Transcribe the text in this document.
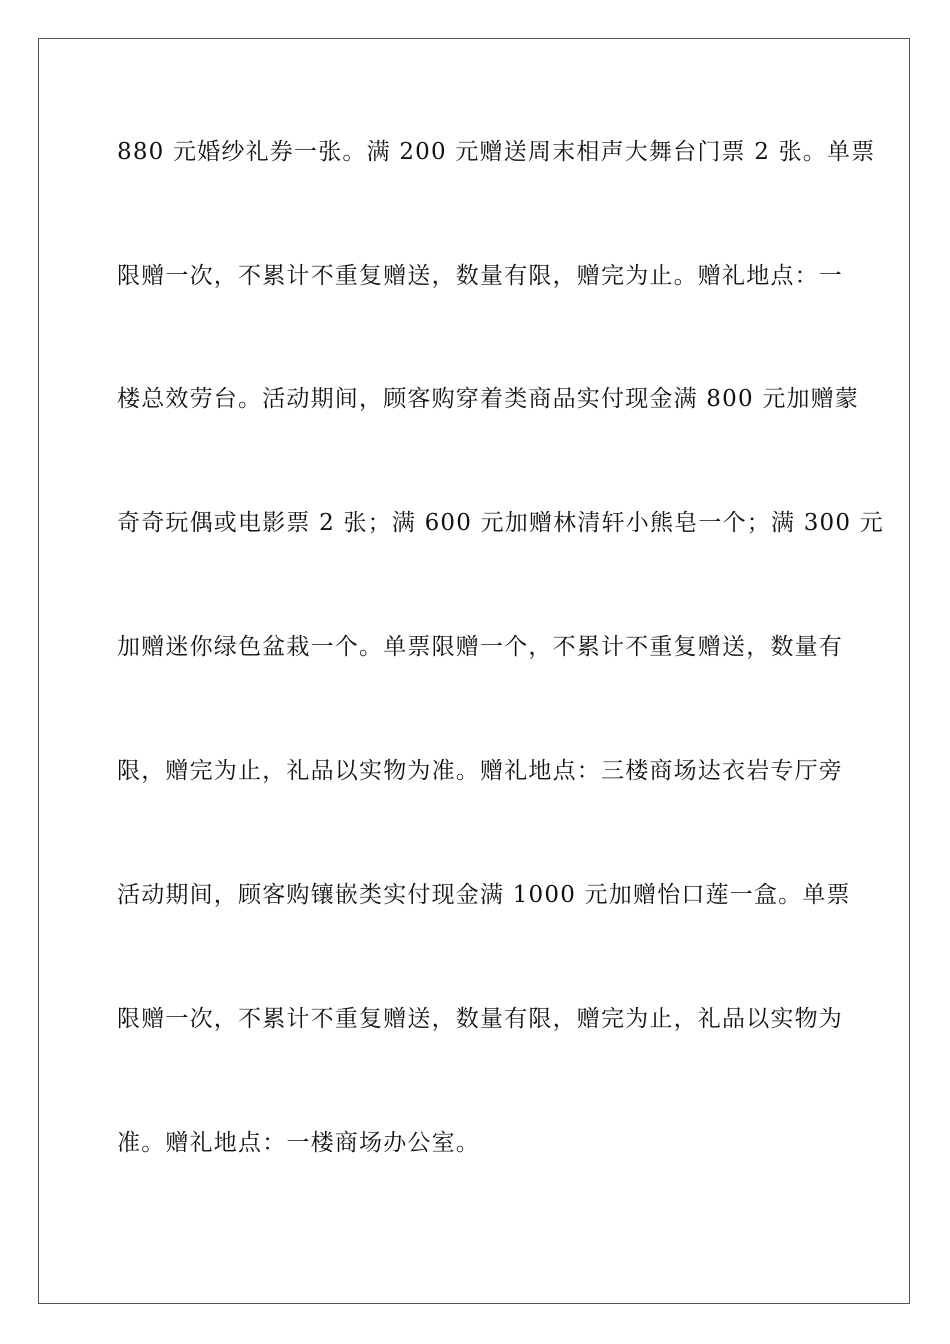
880 元婚纱礼券一张。满 200 元赠送周末相声大舞台门票 2 张。单票
限赠一次，不累计不重复赠送，数量有限，赠完为止。赠礼地点：一
楼总效劳台。活动期间，顾客购穿着类商品实付现金满 800 元加赠蒙
奇奇玩偶或电影票 2 张；满 600 元加赠林清轩小熊皂一个；满 300 元
加赠迷你绿色盆栽一个。单票限赠一个，不累计不重复赠送，数量有
限，赠完为止，礼品以实物为准。赠礼地点：三楼商场达衣岩专厅旁
活动期间，顾客购镶嵌类实付现金满 1000 元加赠怡口莲一盒。单票
限赠一次，不累计不重复赠送，数量有限，赠完为止，礼品以实物为
准。赠礼地点：一楼商场办公室。
